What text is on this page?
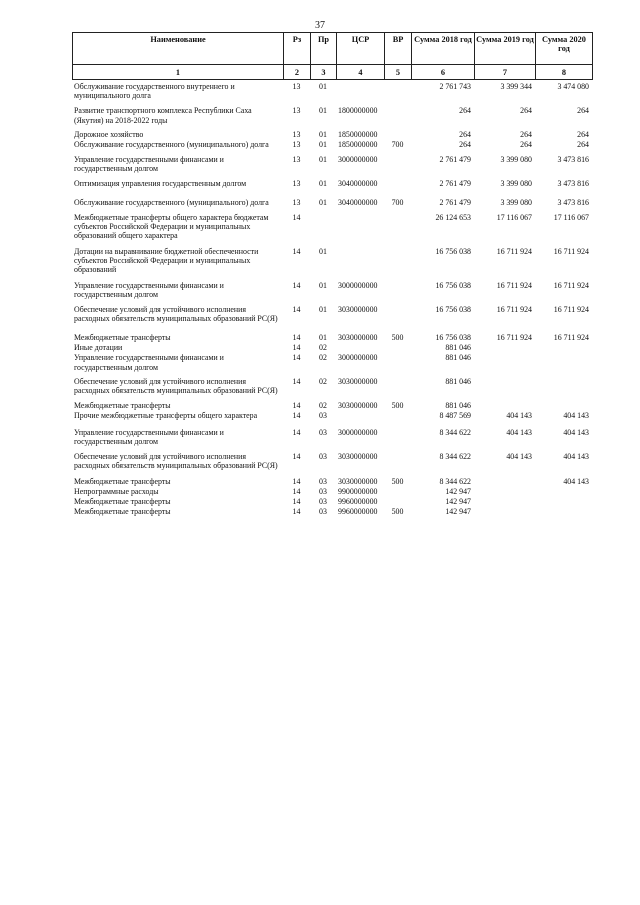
37
Наименование	Рз	Пр	ЦСР	ВР	Сумма 2018 год	Сумма 2019 год	Сумма 2020 год
1	2	3	4	5	6	7	8
Обслуживание государственного внутреннего и муниципального долга	13	01			2 761 743	3 399 344	3 474 080
Развитие транспортного комплекса Республики Саха (Якутия) на 2018-2022 годы	13	01	1800000000		264	264	264
Дорожное хозяйство	13	01	1850000000		264	264	264
Обслуживание государственного (муниципального) долга	13	01	1850000000	700	264	264	264
Управление государственными финансами и государственным долгом	13	01	3000000000		2 761 479	3 399 080	3 473 816
Оптимизация управления государственным долгом	13	01	3040000000		2 761 479	3 399 080	3 473 816
Обслуживание государственного (муниципального) долга	13	01	3040000000	700	2 761 479	3 399 080	3 473 816
Межбюджетные трансферты общего характера бюджетам субъектов Российской Федерации и муниципальных образований общего характера	14				26 124 653	17 116 067	17 116 067
Дотации на выравнивание бюджетной обеспеченности субъектов Российской Федерации и муниципальных образований	14	01			16 756 038	16 711 924	16 711 924
Управление государственными финансами и государственным долгом	14	01	3000000000		16 756 038	16 711 924	16 711 924
Обеспечение условий для устойчивого исполнения расходных обязательств муниципальных образований РС(Я)	14	01	3030000000		16 756 038	16 711 924	16 711 924
Межбюджетные трансферты	14	01	3030000000	500	16 756 038	16 711 924	16 711 924
Иные дотации	14	02			881 046		
Управление государственными финансами и государственным долгом	14	02	3000000000		881 046		
Обеспечение условий для устойчивого исполнения расходных обязательств муниципальных образований РС(Я)	14	02	3030000000		881 046		
Межбюджетные трансферты	14	02	3030000000	500	881 046		
Прочие межбюджетные трансферты общего характера	14	03			8 487 569	404 143	404 143
Управление государственными финансами и государственным долгом	14	03	3000000000		8 344 622	404 143	404 143
Обеспечение условий для устойчивого исполнения расходных обязательств муниципальных образований РС(Я)	14	03	3030000000		8 344 622	404 143	404 143
Межбюджетные трансферты	14	03	3030000000	500	8 344 622		404 143
Непрограммные расходы	14	03	9900000000		142 947		
Межбюджетные трансферты	14	03	9960000000		142 947		
Межбюджетные трансферты	14	03	9960000000	500	142 947		
